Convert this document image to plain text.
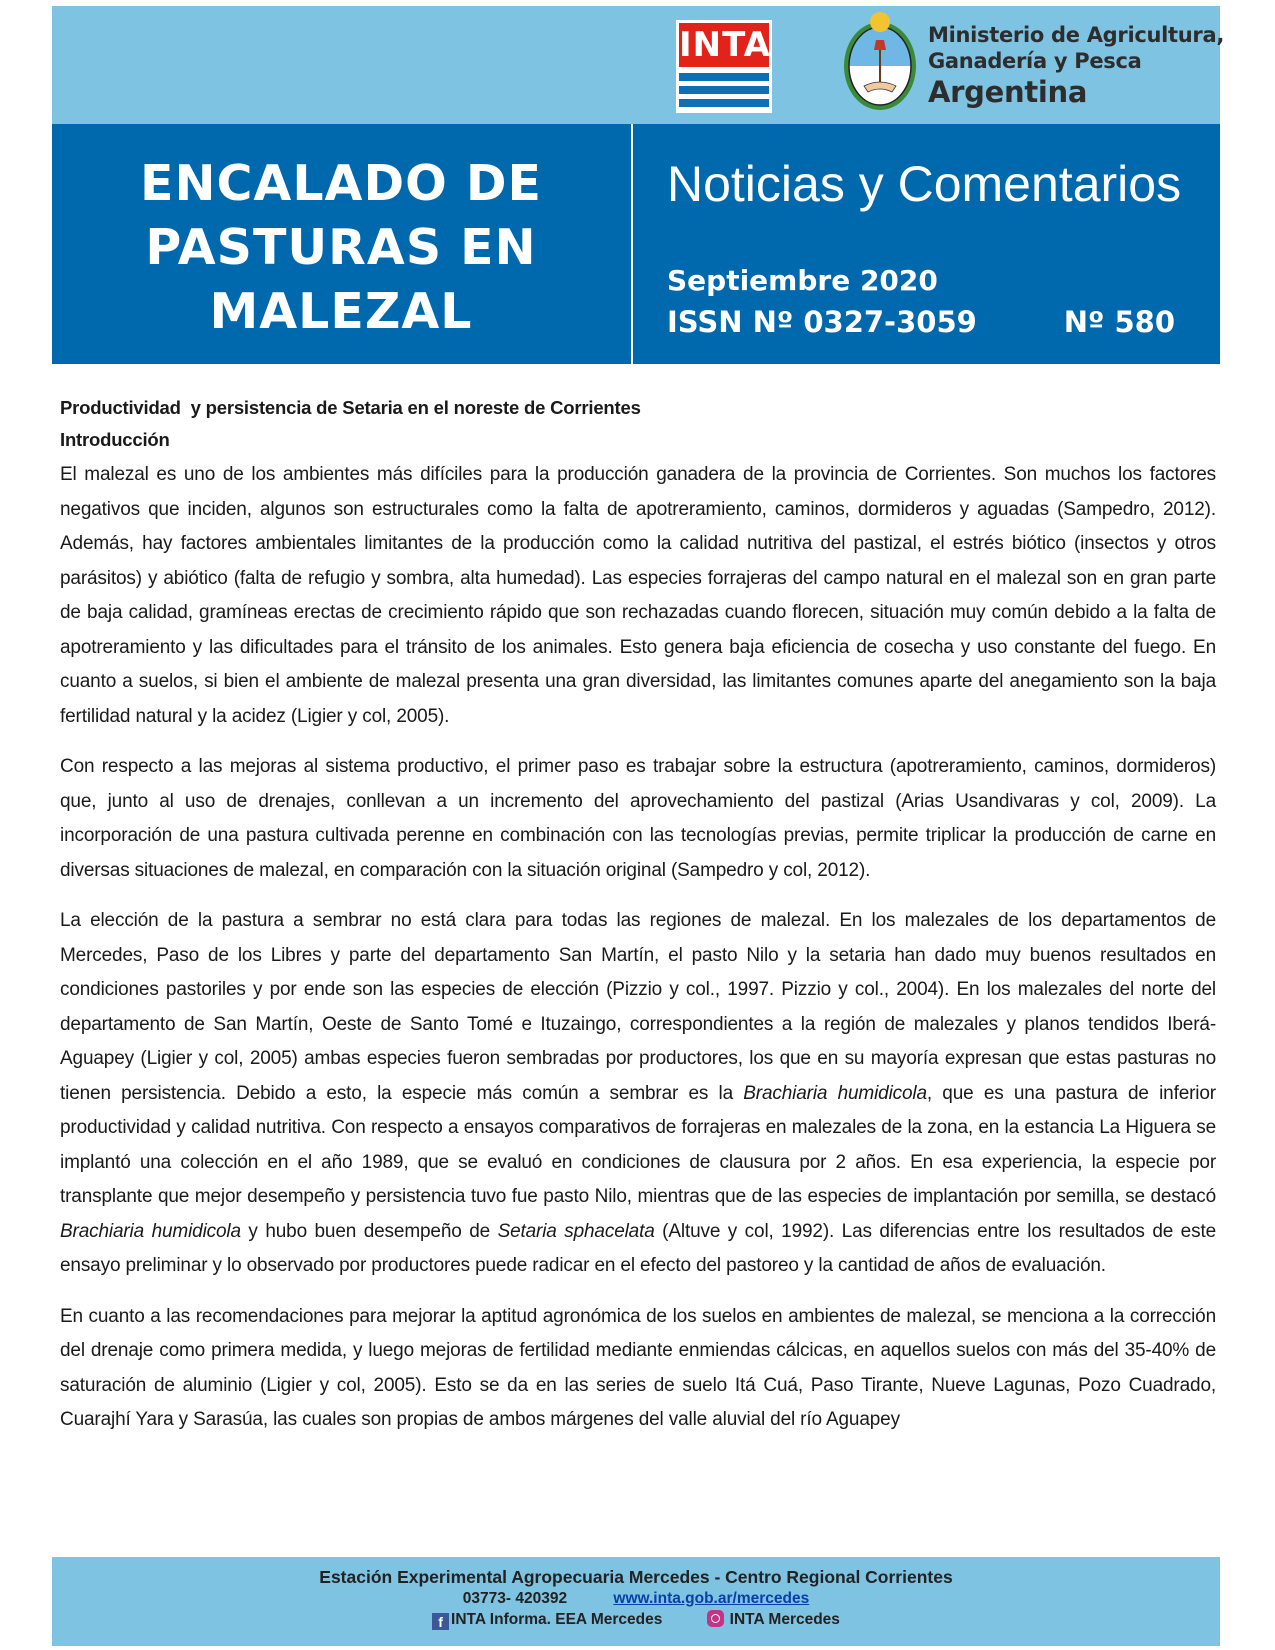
INTA	Ministerio de Agricultura,
Ganadería y Pesca
Argentina
ENCALADO DE
PASTURAS EN
MALEZAL
Noticias y Comentarios
Septiembre 2020
ISSN Nº 0327-3059	Nº 580
Productividad  y persistencia de Setaria en el noreste de Corrientes
Introducción

El malezal es uno de los ambientes más difíciles para la producción ganadera de la provincia de Corrientes. Son muchos los factores negativos que inciden, algunos son estructurales como la falta de apotreramiento, caminos, dormideros y aguadas (Sampedro, 2012). Además, hay factores ambientales limitantes de la producción como la calidad nutritiva del pastizal, el estrés biótico (insectos y otros parásitos) y abiótico (falta de refugio y sombra, alta humedad). Las especies forrajeras del campo natural en el malezal son en gran parte de baja calidad, gramíneas erectas de crecimiento rápido que son rechazadas cuando florecen, situación muy común debido a la falta de apotreramiento y las dificultades para el tránsito de los animales. Esto genera baja eficiencia de cosecha y uso constante del fuego. En cuanto a suelos, si bien el ambiente de malezal presenta una gran diversidad, las limitantes comunes aparte del anegamiento son la baja fertilidad natural y la acidez (Ligier y col, 2005).

Con respecto a las mejoras al sistema productivo, el primer paso es trabajar sobre la estructura (apotreramiento, caminos, dormideros) que, junto al uso de drenajes, conllevan a un incremento del aprovechamiento del pastizal (Arias Usandivaras y col, 2009). La incorporación de una pastura cultivada perenne en combinación con las tecnologías previas, permite triplicar la producción de carne en diversas situaciones de malezal, en comparación con la situación original (Sampedro y col, 2012).

La elección de la pastura a sembrar no está clara para todas las regiones de malezal. En los malezales de los departamentos de Mercedes, Paso de los Libres y parte del departamento San Martín, el pasto Nilo y la setaria han dado muy buenos resultados en condiciones pastoriles y por ende son las especies de elección (Pizzio y col., 1997. Pizzio y col., 2004). En los malezales del norte del departamento de San Martín, Oeste de Santo Tomé e Ituzaingo, correspondientes a la región de malezales y planos tendidos Iberá-Aguapey (Ligier y col, 2005) ambas especies fueron sembradas por productores, los que en su mayoría expresan que estas pasturas no tienen persistencia. Debido a esto, la especie más común a sembrar es la Brachiaria humidicola, que es una pastura de inferior productividad y calidad nutritiva. Con respecto a ensayos comparativos de forrajeras en malezales de la zona, en la estancia La Higuera se implantó una colección en el año 1989, que se evaluó en condiciones de clausura por 2 años. En esa experiencia, la especie por transplante que mejor desempeño y persistencia tuvo fue pasto Nilo, mientras que de las especies de implantación por semilla, se destacó Brachiaria humidicola y hubo buen desempeño de Setaria sphacelata (Altuve y col, 1992). Las diferencias entre los resultados de este ensayo preliminar y lo observado por productores puede radicar en el efecto del pastoreo y la cantidad de años de evaluación.

En cuanto a las recomendaciones para mejorar la aptitud agronómica de los suelos en ambientes de malezal, se menciona a la corrección del drenaje como primera medida, y luego mejoras de fertilidad mediante enmiendas cálcicas, en aquellos suelos con más del 35-40% de saturación de aluminio (Ligier y col, 2005). Esto se da en las series de suelo Itá Cuá, Paso Tirante, Nueve Lagunas, Pozo Cuadrado, Cuarajhí Yara y Sarasúa, las cuales son propias de ambos márgenes del valle aluvial del río Aguapey

Estación Experimental Agropecuaria Mercedes - Centro Regional Corrientes
03773- 420392	www.inta.gob.ar/mercedes
f INTA Informa. EEA Mercedes	INTA Mercedes
